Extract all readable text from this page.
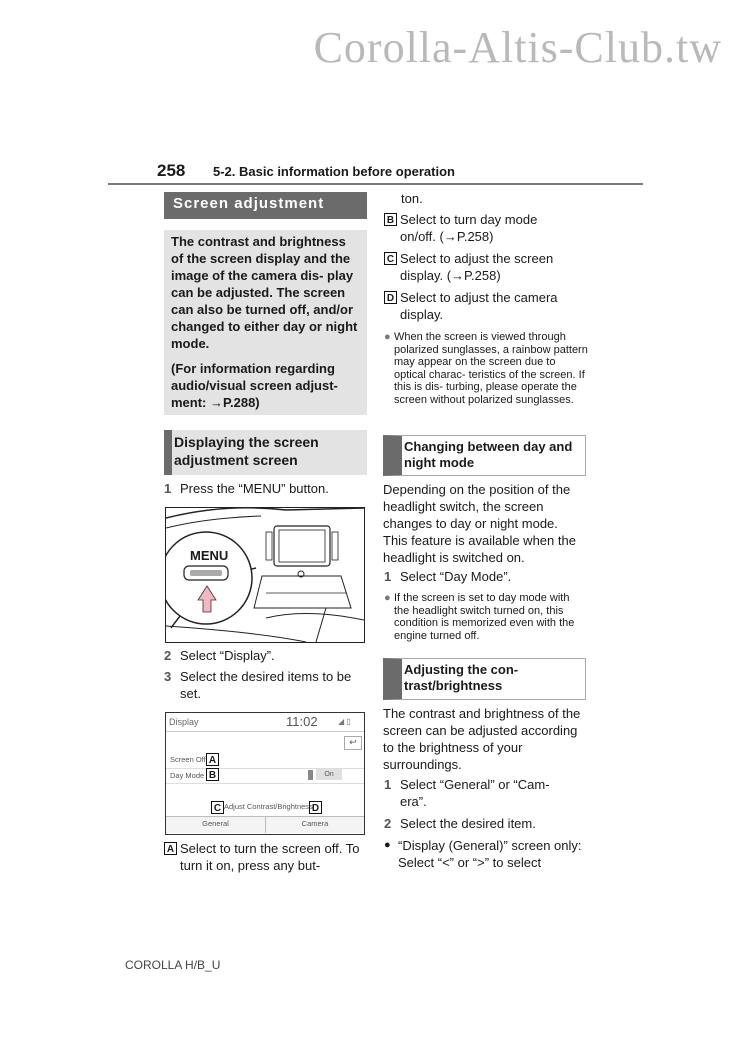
Corolla-Altis-Club.tw
258 5-2. Basic information before operation
Screen adjustment

The contrast and brightness of the screen display and the image of the camera dis- play can be adjusted. The screen can also be turned off, and/or changed to either day or night mode.

(For information regarding audio/visual screen adjust- ment: →P.288)

Displaying the screen adjustment screen
1 Press the “MENU” button.
MENU
2 Select “Display”.
3 Select the desired items to be set.
Display	11:02	◢ ▯
↩
Screen Off A
Day Mode B	On
C Adjust Contrast/Brightness D
General	Camera
A Select to turn the screen off. To turn it on, press any but-
ton.
B Select to turn day mode on/off. (→P.258)
C Select to adjust the screen display. (→P.258)
D Select to adjust the camera display.
● When the screen is viewed through polarized sunglasses, a rainbow pattern may appear on the screen due to optical charac- teristics of the screen. If this is dis- turbing, please operate the screen without polarized sunglasses.
Changing between day and night mode
Depending on the position of the headlight switch, the screen changes to day or night mode. This feature is available when the headlight is switched on.
1 Select “Day Mode”.
● If the screen is set to day mode with the headlight switch turned on, this condition is memorized even with the engine turned off.
Adjusting the con- trast/brightness
The contrast and brightness of the screen can be adjusted according to the brightness of your surroundings.
1 Select “General” or “Cam- era”.
2 Select the desired item.
● “Display (General)” screen only: Select “<” or “>” to select
COROLLA H/B_U
